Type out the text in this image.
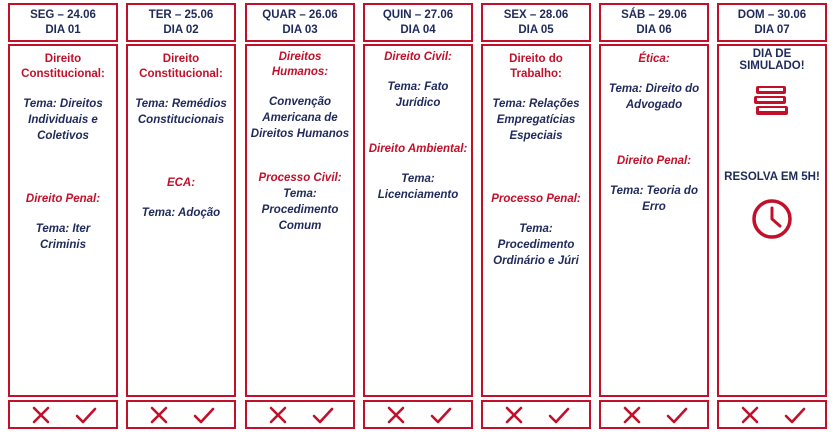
SEG – 24.06
DIA 01
Direito Constitucional:
Tema: Direitos Individuais e Coletivos
Direito Penal:
Tema: Iter Criminis
TER – 25.06
DIA 02
Direito Constitucional:
Tema: Remédios Constitucionais
ECA:
Tema: Adoção
QUAR – 26.06
DIA 03
Direitos Humanos:
Convenção Americana de Direitos Humanos
Processo Civil: Tema: Procedimento Comum
QUIN – 27.06
DIA 04
Direito Civil:
Tema: Fato Jurídico
Direito Ambiental:
Tema: Licenciamento
SEX – 28.06
DIA 05
Direito do Trabalho:
Tema: Relações Empregatícias Especiais
Processo Penal:
Tema: Procedimento Ordinário e Júri
SÁB – 29.06
DIA 06
Ética:
Tema: Direito do Advogado
Direito Penal:
Tema: Teoria do Erro
DOM – 30.06
DIA 07
DIA DE SIMULADO!
RESOLVA EM 5H!
